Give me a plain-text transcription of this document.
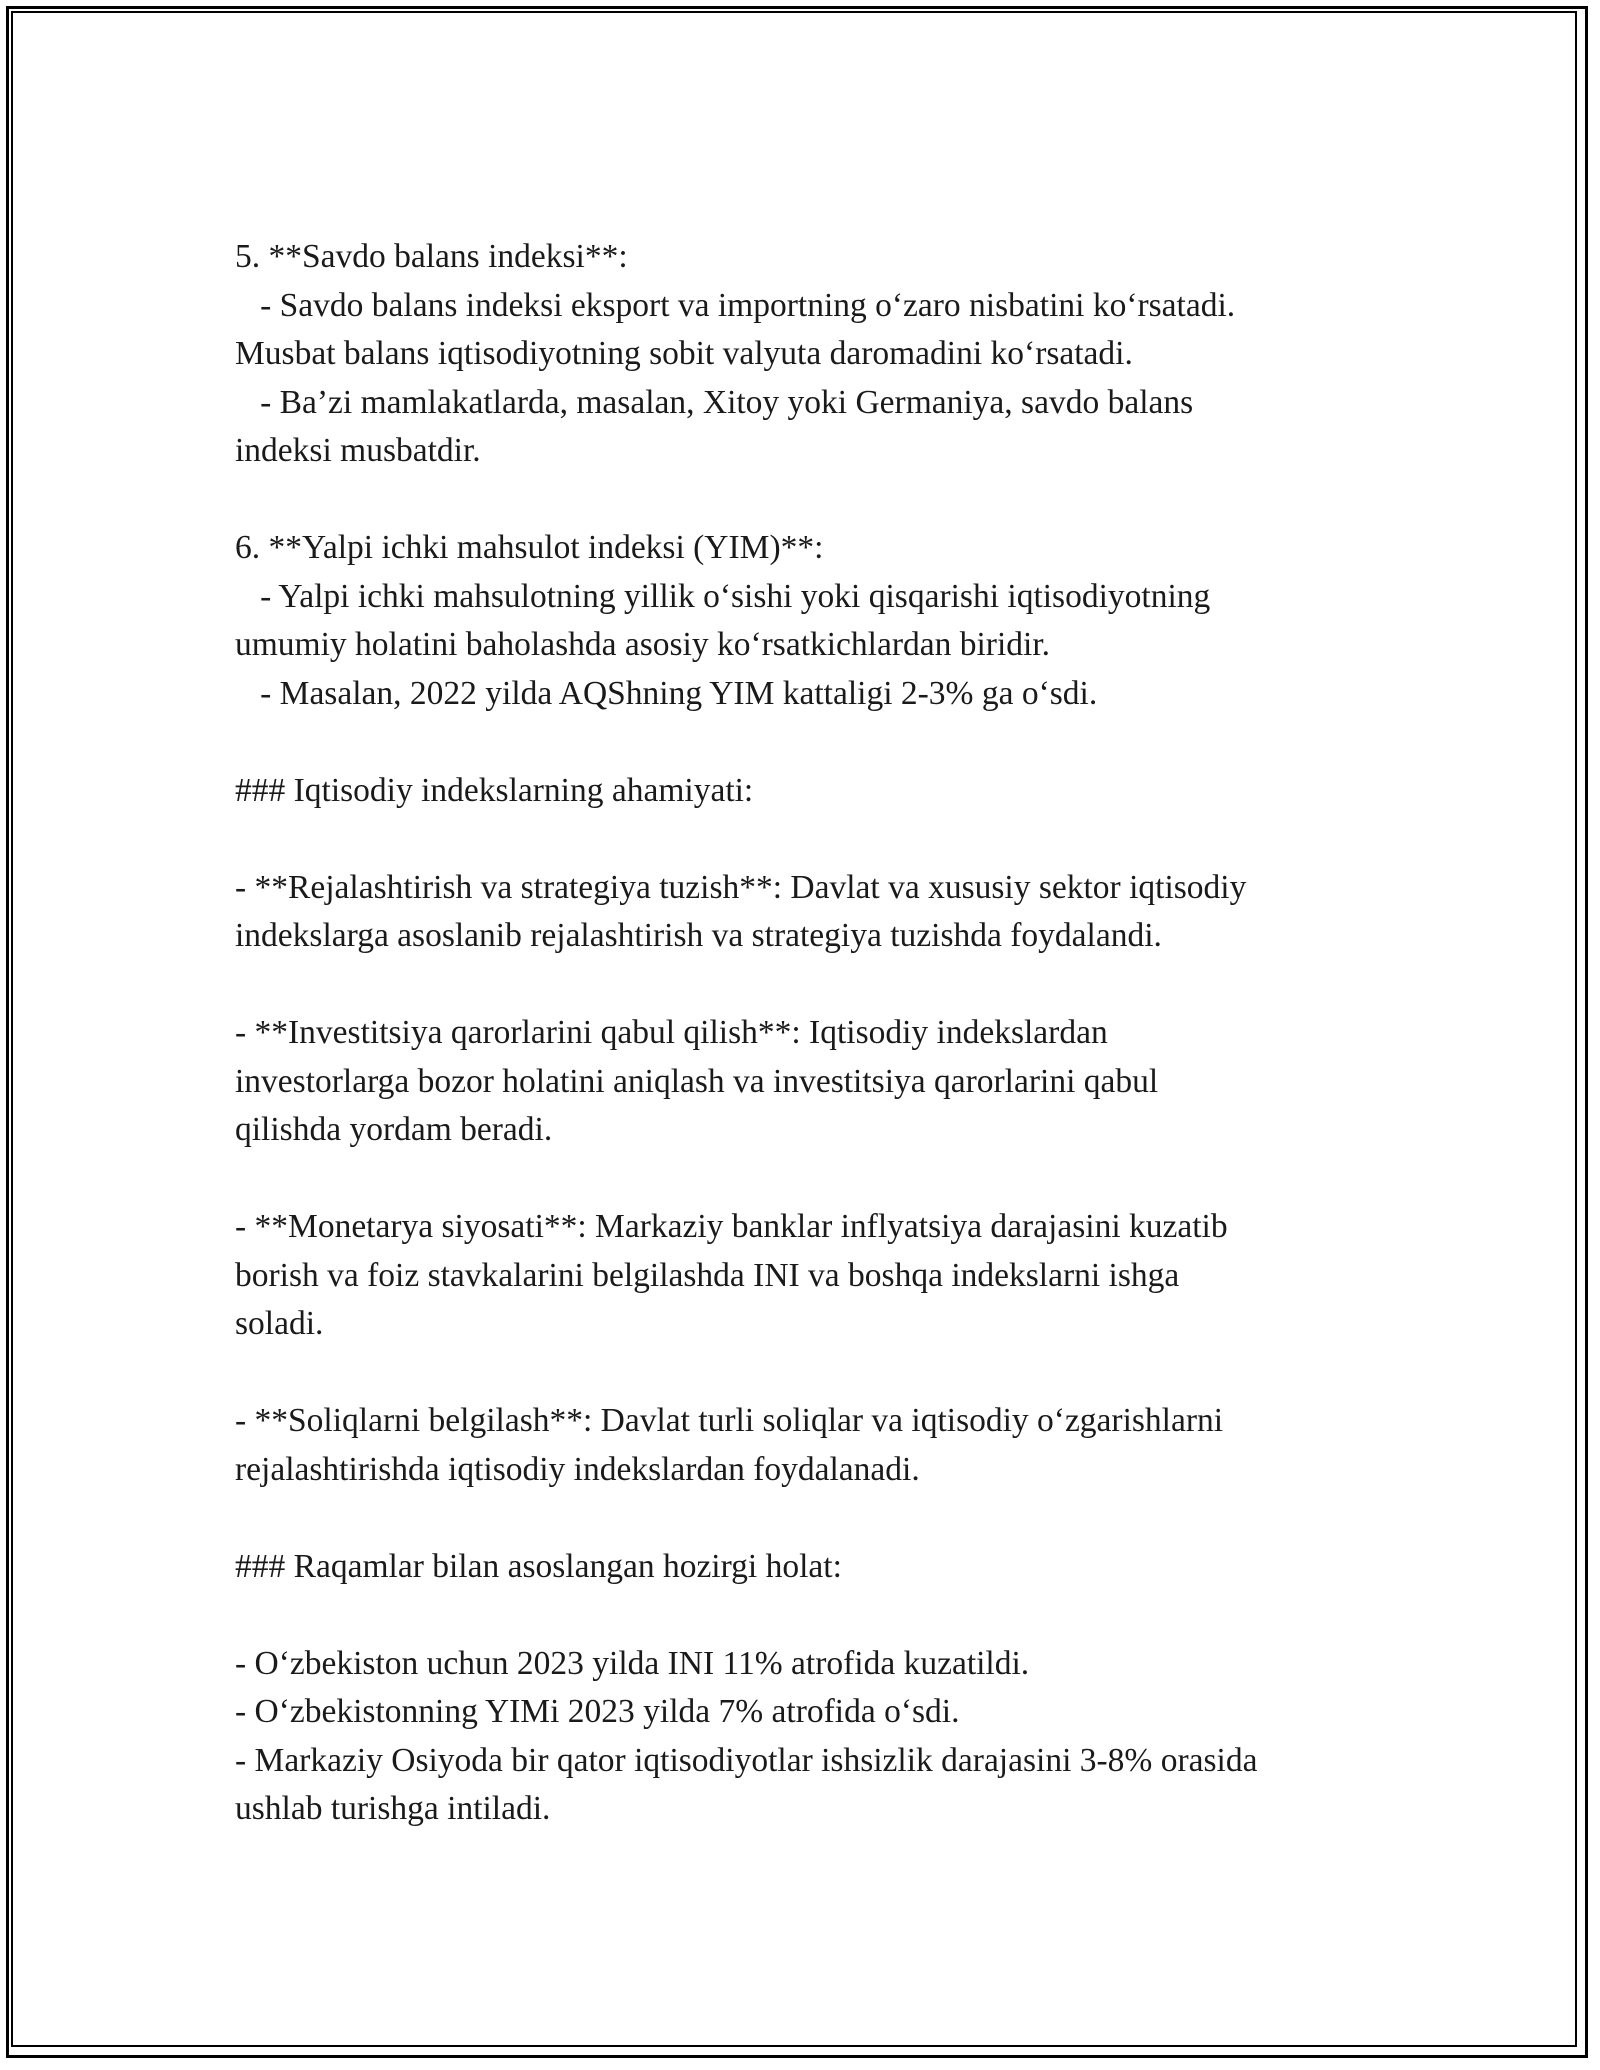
5. **Savdo balans indeksi**:
- Savdo balans indeksi eksport va importning o‘zaro nisbatini ko‘rsatadi.
Musbat balans iqtisodiyotning sobit valyuta daromadini ko‘rsatadi.
- Ba’zi mamlakatlarda, masalan, Xitoy yoki Germaniya, savdo balans
indeksi musbatdir.
6. **Yalpi ichki mahsulot indeksi (YIM)**:
- Yalpi ichki mahsulotning yillik o‘sishi yoki qisqarishi iqtisodiyotning
umumiy holatini baholashda asosiy ko‘rsatkichlardan biridir.
- Masalan, 2022 yilda AQShning YIM kattaligi 2-3% ga o‘sdi.
### Iqtisodiy indekslarning ahamiyati:
- **Rejalashtirish va strategiya tuzish**: Davlat va xususiy sektor iqtisodiy
indekslarga asoslanib rejalashtirish va strategiya tuzishda foydalandi.
- **Investitsiya qarorlarini qabul qilish**: Iqtisodiy indekslardan
investorlarga bozor holatini aniqlash va investitsiya qarorlarini qabul
qilishda yordam beradi.
- **Monetarya siyosati**: Markaziy banklar inflyatsiya darajasini kuzatib
borish va foiz stavkalarini belgilashda INI va boshqa indekslarni ishga
soladi.
- **Soliqlarni belgilash**: Davlat turli soliqlar va iqtisodiy o‘zgarishlarni
rejalashtirishda iqtisodiy indekslardan foydalanadi.
### Raqamlar bilan asoslangan hozirgi holat:
- O‘zbekiston uchun 2023 yilda INI 11% atrofida kuzatildi.
- O‘zbekistonning YIMi 2023 yilda 7% atrofida o‘sdi.
- Markaziy Osiyoda bir qator iqtisodiyotlar ishsizlik darajasini 3-8% orasida
ushlab turishga intiladi.
